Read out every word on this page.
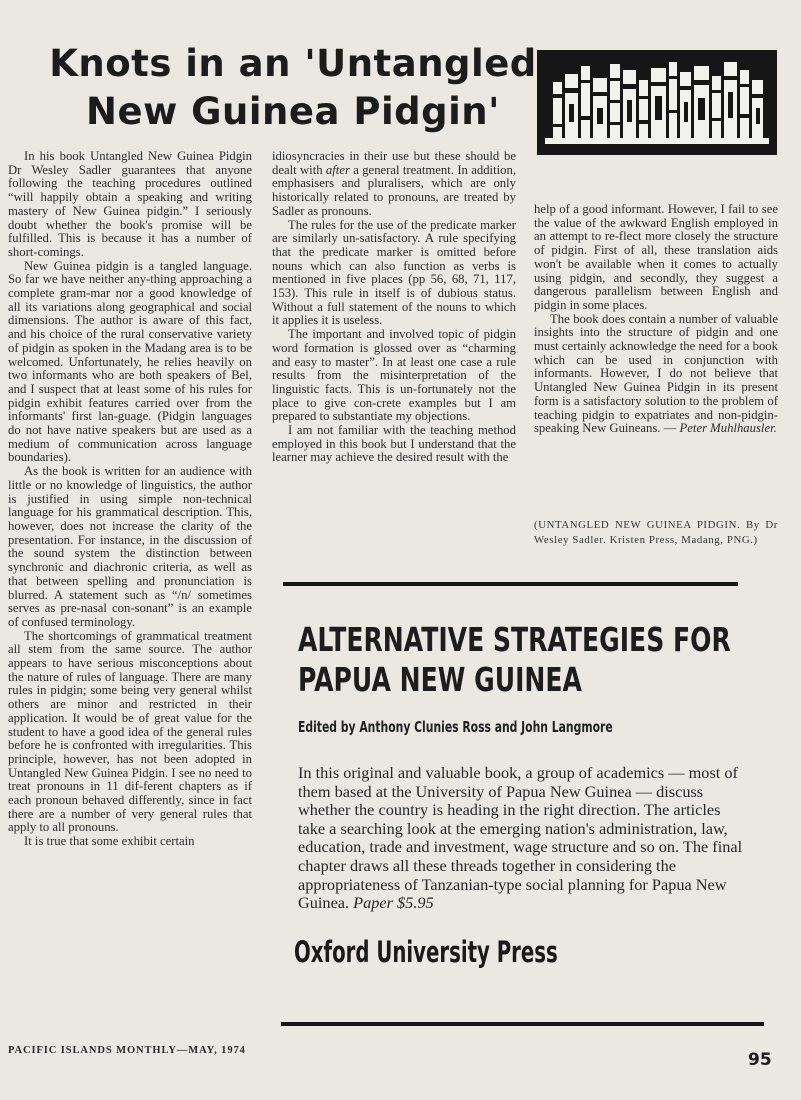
Knots in an 'Untangled New Guinea Pidgin'

In his book Untangled New Guinea Pidgin Dr Wesley Sadler guarantees that anyone following the teaching procedures outlined “will happily obtain a speaking and writing mastery of New Guinea pidgin.” I seriously doubt whether the book's promise will be fulfilled. This is because it has a number of short-comings.

New Guinea pidgin is a tangled language. So far we have neither any-thing approaching a complete gram-mar nor a good knowledge of all its variations along geographical and social dimensions. The author is aware of this fact, and his choice of the rural conservative variety of pidgin as spoken in the Madang area is to be welcomed. Unfortunately, he relies heavily on two informants who are both speakers of Bel, and I suspect that at least some of his rules for pidgin exhibit features carried over from the informants' first lan-guage. (Pidgin languages do not have native speakers but are used as a medium of communication across language boundaries).

As the book is written for an audience with little or no knowledge of linguistics, the author is justified in using simple non-technical language for his grammatical description. This, however, does not increase the clarity of the presentation. For instance, in the discussion of the sound system the distinction between synchronic and diachronic criteria, as well as that between spelling and pronunciation is blurred. A statement such as “/n/ sometimes serves as pre-nasal con-sonant” is an example of confused terminology.

The shortcomings of grammatical treatment all stem from the same source. The author appears to have serious misconceptions about the nature of rules of language. There are many rules in pidgin; some being very general whilst others are minor and restricted in their application. It would be of great value for the student to have a good idea of the general rules before he is confronted with irregularities. This principle, however, has not been adopted in Untangled New Guinea Pidgin. I see no need to treat pronouns in 11 dif-ferent chapters as if each pronoun behaved differently, since in fact there are a number of very general rules that apply to all pronouns.

It is true that some exhibit certain

idiosyncracies in their use but these should be dealt with after a general treatment. In addition, emphasisers and pluralisers, which are only historically related to pronouns, are treated by Sadler as pronouns.

The rules for the use of the predicate marker are similarly un-satisfactory. A rule specifying that the predicate marker is omitted before nouns which can also function as verbs is mentioned in five places (pp 56, 68, 71, 117, 153). This rule in itself is of dubious status. Without a full statement of the nouns to which it applies it is useless.

The important and involved topic of pidgin word formation is glossed over as “charming and easy to master”. In at least one case a rule results from the misinterpretation of the linguistic facts. This is un-fortunately not the place to give con-crete examples but I am prepared to substantiate my objections.

I am not familiar with the teaching method employed in this book but I understand that the learner may achieve the desired result with the

help of a good informant. However, I fail to see the value of the awkward English employed in an attempt to re-flect more closely the structure of pidgin. First of all, these translation aids won't be available when it comes to actually using pidgin, and secondly, they suggest a dangerous parallelism between English and pidgin in some places.

The book does contain a number of valuable insights into the structure of pidgin and one must certainly acknowledge the need for a book which can be used in conjunction with informants. However, I do not believe that Untangled New Guinea Pidgin in its present form is a satisfactory solution to the problem of teaching pidgin to expatriates and non-pidgin-speaking New Guineans. — Peter Muhlhausler.

(UNTANGLED NEW GUINEA PIDGIN. By Dr Wesley Sadler. Kristen Press, Madang, PNG.)

ALTERNATIVE STRATEGIES FOR
PAPUA NEW GUINEA

Edited by Anthony Clunies Ross and John Langmore

In this original and valuable book, a group of academics — most of them based at the University of Papua New Guinea — discuss whether the country is heading in the right direction. The articles take a searching look at the emerging nation's administration, law, education, trade and investment, wage structure and so on. The final chapter draws all these threads together in considering the appropriateness of Tanzanian-type social planning for Papua New Guinea. Paper $5.95

Oxford University Press

PACIFIC ISLANDS MONTHLY—MAY, 1974	95
